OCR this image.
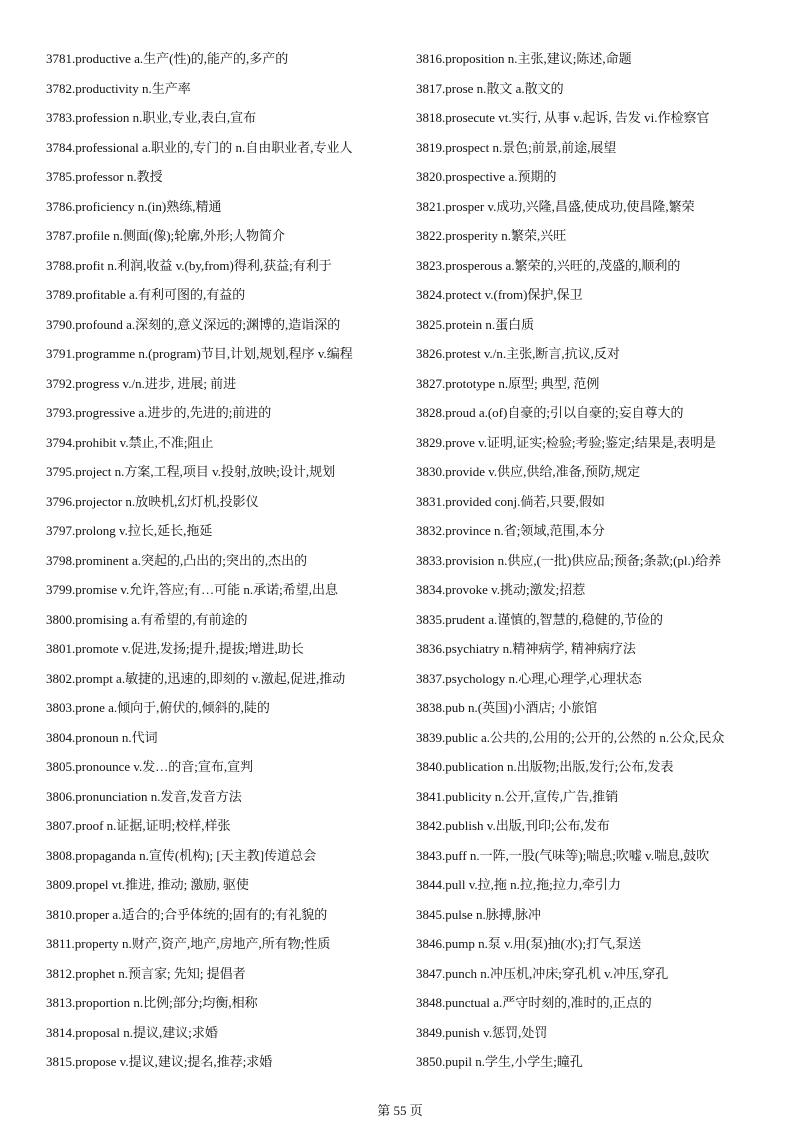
3781.productive a.生产(性)的,能产的,多产的
3782.productivity n.生产率
3783.profession n.职业,专业,表白,宣布
3784.professional a.职业的,专门的 n.自由职业者,专业人
3785.professor n.教授
3786.proficiency n.(in)熟练,精通
3787.profile n.侧面(像);轮廓,外形;人物简介
3788.profit n.利润,收益 v.(by,from)得利,获益;有利于
3789.profitable a.有利可图的,有益的
3790.profound a.深刻的,意义深远的;渊博的,造诣深的
3791.programme n.(program)节目,计划,规划,程序 v.编程
3792.progress v./n.进步, 进展; 前进
3793.progressive a.进步的,先进的;前进的
3794.prohibit v.禁止,不准;阻止
3795.project n.方案,工程,项目 v.投射,放映;设计,规划
3796.projector n.放映机,幻灯机,投影仪
3797.prolong v.拉长,延长,拖延
3798.prominent a.突起的,凸出的;突出的,杰出的
3799.promise v.允许,答应;有…可能 n.承诺;希望,出息
3800.promising a.有希望的,有前途的
3801.promote v.促进,发扬;提升,提拔;增进,助长
3802.prompt a.敏捷的,迅速的,即刻的 v.激起,促进,推动
3803.prone a.倾向于,俯伏的,倾斜的,陡的
3804.pronoun n.代词
3805.pronounce v.发…的音;宣布,宣判
3806.pronunciation n.发音,发音方法
3807.proof n.证据,证明;校样,样张
3808.propaganda n.宣传(机构); [天主教]传道总会
3809.propel vt.推进, 推动; 激励, 驱使
3810.proper a.适合的;合乎体统的;固有的;有礼貌的
3811.property n.财产,资产,地产,房地产,所有物;性质
3812.prophet n.预言家; 先知; 提倡者
3813.proportion n.比例;部分;均衡,相称
3814.proposal n.提议,建议;求婚
3815.propose v.提议,建议;提名,推荐;求婚
3816.proposition n.主张,建议;陈述,命题
3817.prose n.散文 a.散文的
3818.prosecute vt.实行, 从事 v.起诉, 告发 vi.作检察官
3819.prospect n.景色;前景,前途,展望
3820.prospective a.预期的
3821.prosper v.成功,兴隆,昌盛,使成功,使昌隆,繁荣
3822.prosperity n.繁荣,兴旺
3823.prosperous a.繁荣的,兴旺的,茂盛的,顺利的
3824.protect v.(from)保护,保卫
3825.protein n.蛋白质
3826.protest v./n.主张,断言,抗议,反对
3827.prototype n.原型; 典型, 范例
3828.proud a.(of)自豪的;引以自豪的;妄自尊大的
3829.prove v.证明,证实;检验;考验;鉴定;结果是,表明是
3830.provide v.供应,供给,准备,预防,规定
3831.provided conj.倘若,只要,假如
3832.province n.省;领域,范围,本分
3833.provision n.供应,(一批)供应品;预备;条款;(pl.)给养
3834.provoke v.挑动;激发;招惹
3835.prudent a.谨慎的,智慧的,稳健的,节俭的
3836.psychiatry n.精神病学, 精神病疗法
3837.psychology n.心理,心理学,心理状态
3838.pub n.(英国)小酒店; 小旅馆
3839.public a.公共的,公用的;公开的,公然的 n.公众,民众
3840.publication n.出版物;出版,发行;公布,发表
3841.publicity n.公开,宣传,广告,推销
3842.publish v.出版,刊印;公布,发布
3843.puff n.一阵,一股(气味等);喘息;吹嘘 v.喘息,鼓吹
3844.pull v.拉,拖 n.拉,拖;拉力,牵引力
3845.pulse n.脉搏,脉冲
3846.pump n.泵 v.用(泵)抽(水);打气,泵送
3847.punch n.冲压机,冲床;穿孔机 v.冲压,穿孔
3848.punctual a.严守时刻的,准时的,正点的
3849.punish v.惩罚,处罚
3850.pupil n.学生,小学生;瞳孔
第 55 页
